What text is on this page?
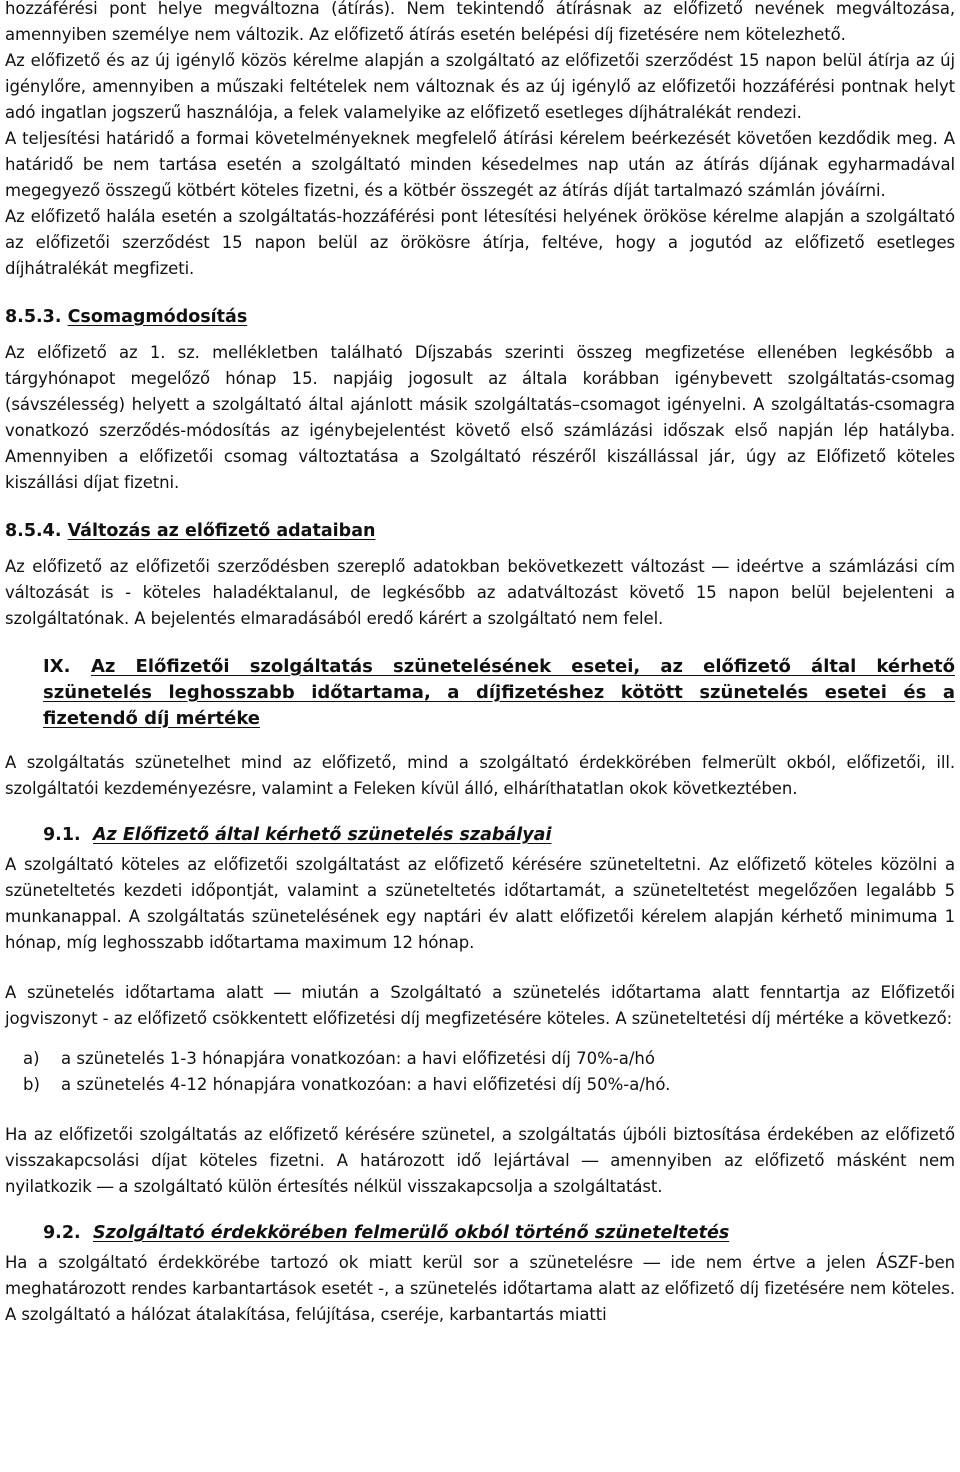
hozzáférési pont helye megváltozna (átírás). Nem tekintendő átírásnak az előfizető nevének megváltozása, amennyiben személye nem változik. Az előfizető átírás esetén belépési díj fizetésére nem kötelezhető.

Az előfizető és az új igénylő közös kérelme alapján a szolgáltató az előfizetői szerződést 15 napon belül átírja az új igénylőre, amennyiben a műszaki feltételek nem változnak és az új igénylő az előfizetői hozzáférési pontnak helyt adó ingatlan jogszerű használója, a felek valamelyike az előfizető esetleges díjhátralékát rendezi.

A teljesítési határidő a formai követelményeknek megfelelő átírási kérelem beérkezését követően kezdődik meg. A határidő be nem tartása esetén a szolgáltató minden késedelmes nap után az átírás díjának egyharmadával megegyező összegű kötbért köteles fizetni, és a kötbér összegét az átírás díját tartalmazó számlán jóváírni.

Az előfizető halála esetén a szolgáltatás-hozzáférési pont létesítési helyének örököse kérelme alapján a szolgáltató az előfizetői szerződést 15 napon belül az örökösre átírja, feltéve, hogy a jogutód az előfizető esetleges díjhátralékát megfizeti.

8.5.3. Csomagmódosítás

Az előfizető az 1. sz. mellékletben található Díjszabás szerinti összeg megfizetése ellenében legkésőbb a tárgyhónapot megelőző hónap 15. napjáig jogosult az általa korábban igénybevett szolgáltatás-csomag (sávszélesség) helyett a szolgáltató által ajánlott másik szolgáltatás–csomagot igényelni. A szolgáltatás-csomagra vonatkozó szerződés-módosítás az igénybejelentést követő első számlázási időszak első napján lép hatályba. Amennyiben a előfizetői csomag változtatása a Szolgáltató részéről kiszállással jár, úgy az Előfizető köteles kiszállási díjat fizetni.

8.5.4. Változás az előfizető adataiban

Az előfizető az előfizetői szerződésben szereplő adatokban bekövetkezett változást ― ideértve a számlázási cím változását is - köteles haladéktalanul, de legkésőbb az adatváltozást követő 15 napon belül bejelenteni a szolgáltatónak. A bejelentés elmaradásából eredő kárért a szolgáltató nem felel.

IX. Az Előfizetői szolgáltatás szünetelésének esetei, az előfizető által kérhető szünetelés leghosszabb időtartama, a díjfizetéshez kötött szünetelés esetei és a fizetendő díj mértéke

A szolgáltatás szünetelhet mind az előfizető, mind a szolgáltató érdekkörében felmerült okból, előfizetői, ill. szolgáltatói kezdeményezésre, valamint a Feleken kívül álló, elháríthatatlan okok következtében.

9.1. Az Előfizető által kérhető szünetelés szabályai

A szolgáltató köteles az előfizetői szolgáltatást az előfizető kérésére szüneteltetni. Az előfizető köteles közölni a szüneteltetés kezdeti időpontját, valamint a szüneteltetés időtartamát, a szüneteltetést megelőzően legalább 5 munkanappal. A szolgáltatás szünetelésének egy naptári év alatt előfizetői kérelem alapján kérhető minimuma 1 hónap, míg leghosszabb időtartama maximum 12 hónap.

A szünetelés időtartama alatt ― miután a Szolgáltató a szünetelés időtartama alatt fenntartja az Előfizetői jogviszonyt - az előfizető csökkentett előfizetési díj megfizetésére köteles. A szüneteltetési díj mértéke a következő:

a) a szünetelés 1-3 hónapjára vonatkozóan: a havi előfizetési díj 70%-a/hó
b) a szünetelés 4-12 hónapjára vonatkozóan: a havi előfizetési díj 50%-a/hó.

Ha az előfizetői szolgáltatás az előfizető kérésére szünetel, a szolgáltatás újbóli biztosítása érdekében az előfizető visszakapcsolási díjat köteles fizetni. A határozott idő lejártával ― amennyiben az előfizető másként nem nyilatkozik ― a szolgáltató külön értesítés nélkül visszakapcsolja a szolgáltatást.

9.2. Szolgáltató érdekkörében felmerülő okból történő szüneteltetés

Ha a szolgáltató érdekkörébe tartozó ok miatt kerül sor a szünetelésre ― ide nem értve a jelen ÁSZF-ben meghatározott rendes karbantartások esetét -, a szünetelés időtartama alatt az előfizető díj fizetésére nem köteles. A szolgáltató a hálózat átalakítása, felújítása, cseréje, karbantartás miatti
